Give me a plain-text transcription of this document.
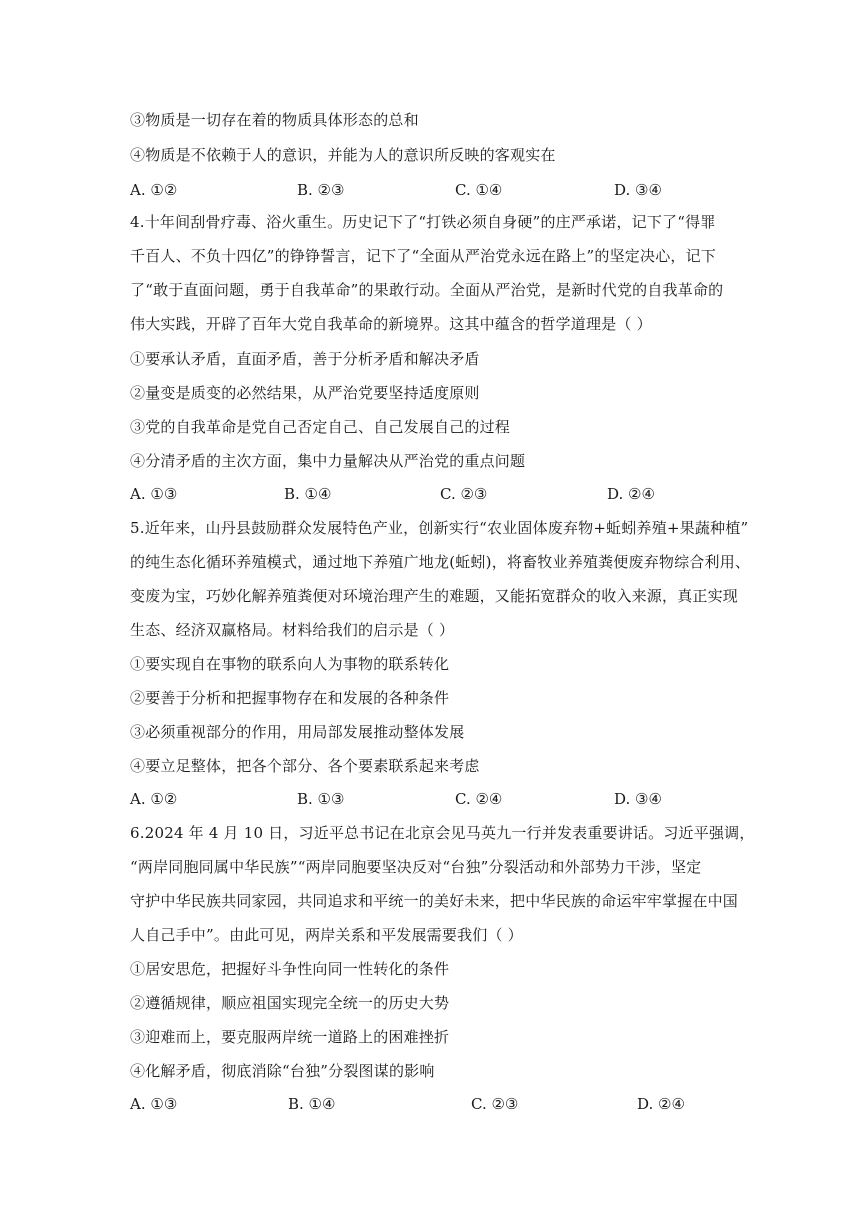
③物质是一切存在着的物质具体形态的总和
④物质是不依赖于人的意识，并能为人的意识所反映的客观实在
A. ①②	B. ②③	C. ①④	D. ③④
4.十年间刮骨疗毒、浴火重生。历史记下了“打铁必须自身硬”的庄严承诺，记下了“得罪
千百人、不负十四亿”的铮铮誓言，记下了“全面从严治党永远在路上”的坚定决心，记下
了“敢于直面问题，勇于自我革命”的果敢行动。全面从严治党，是新时代党的自我革命的
伟大实践，开辟了百年大党自我革命的新境界。这其中蕴含的哲学道理是（ ）
①要承认矛盾，直面矛盾，善于分析矛盾和解决矛盾
②量变是质变的必然结果，从严治党要坚持适度原则
③党的自我革命是党自己否定自己、自己发展自己的过程
④分清矛盾的主次方面，集中力量解决从严治党的重点问题
A. ①③	B. ①④	C. ②③	D. ②④
5.近年来，山丹县鼓励群众发展特色产业，创新实行“农业固体废弃物+蚯蚓养殖+果蔬种植”
的纯生态化循环养殖模式，通过地下养殖广地龙(蚯蚓)，将畜牧业养殖粪便废弃物综合利用、
变废为宝，巧妙化解养殖粪便对环境治理产生的难题，又能拓宽群众的收入来源，真正实现
生态、经济双赢格局。材料给我们的启示是（ ）
①要实现自在事物的联系向人为事物的联系转化
②要善于分析和把握事物存在和发展的各种条件
③必须重视部分的作用，用局部发展推动整体发展
④要立足整体，把各个部分、各个要素联系起来考虑
A. ①②	B. ①③	C. ②④	D. ③④
6.2024 年 4 月 10 日，习近平总书记在北京会见马英九一行并发表重要讲话。习近平强调，
“两岸同胞同属中华民族”“两岸同胞要坚决反对“台独”分裂活动和外部势力干涉，坚定
守护中华民族共同家园，共同追求和平统一的美好未来，把中华民族的命运牢牢掌握在中国
人自己手中”。由此可见，两岸关系和平发展需要我们（ ）
①居安思危，把握好斗争性向同一性转化的条件
②遵循规律，顺应祖国实现完全统一的历史大势
③迎难而上，要克服两岸统一道路上的困难挫折
④化解矛盾，彻底消除“台独”分裂图谋的影响
A. ①③	B. ①④	C. ②③	D. ②④
